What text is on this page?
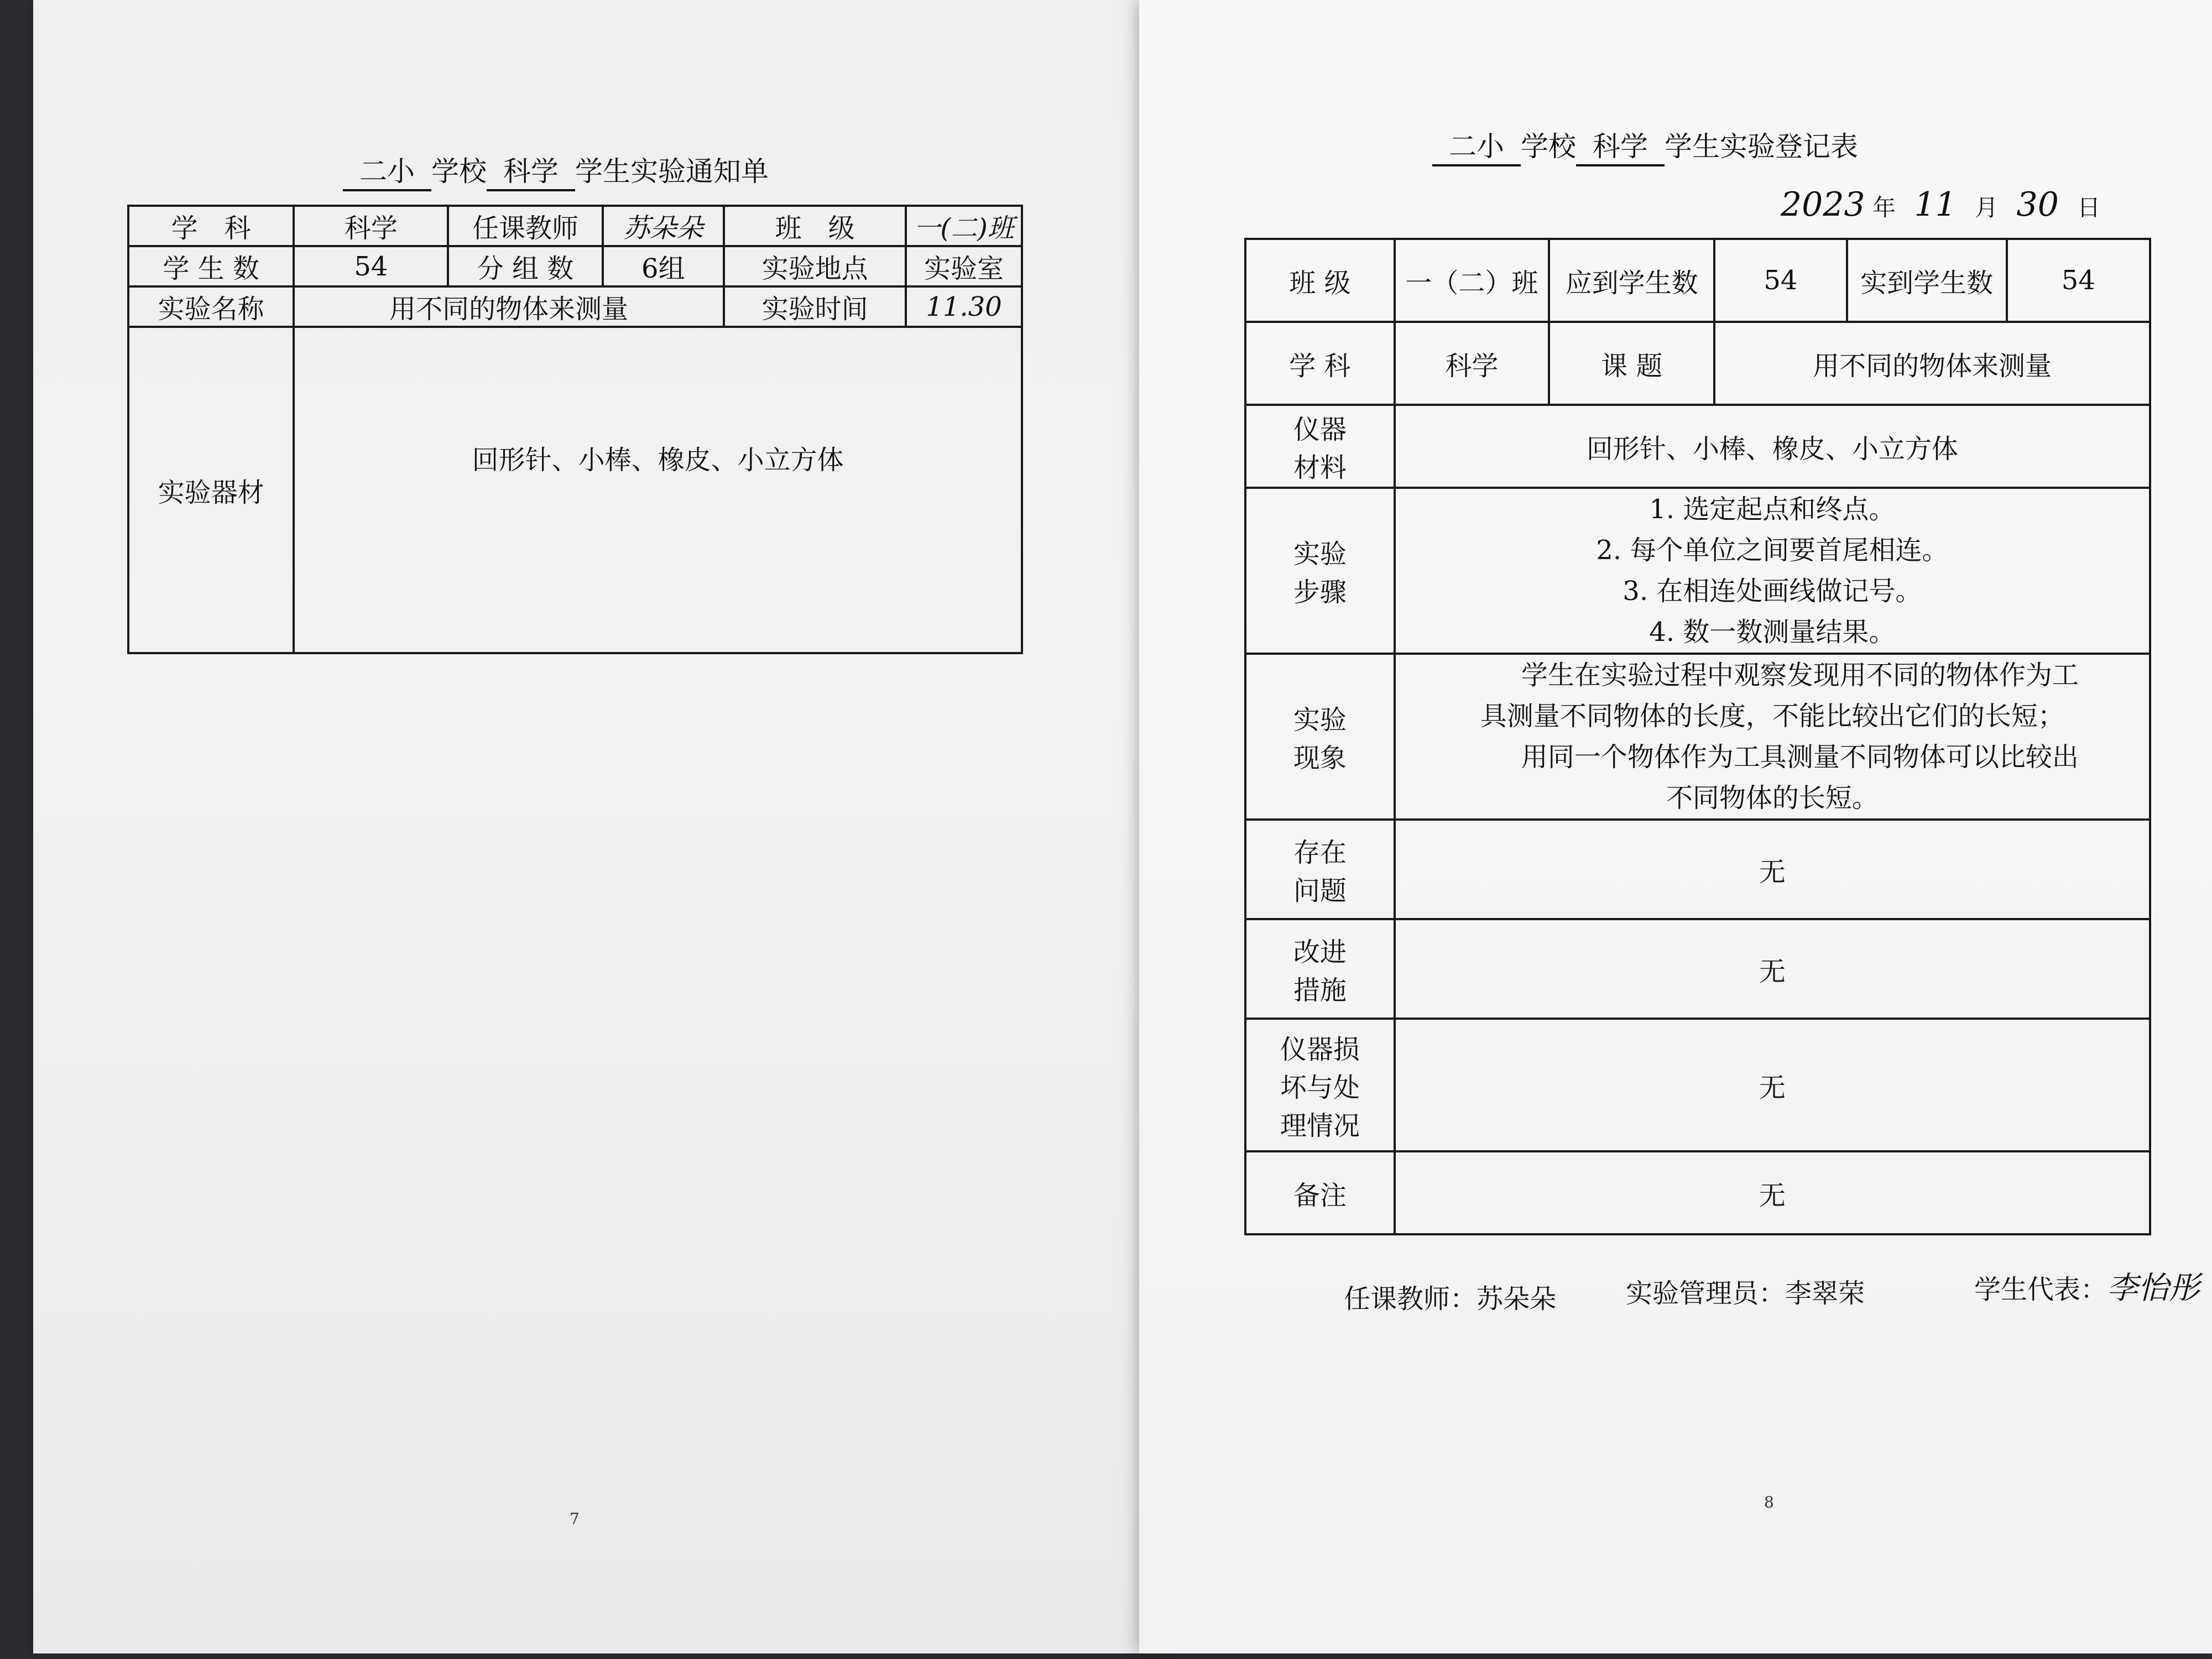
二小 学校 科学 学生实验通知单
学　科	科学	任课教师	苏朵朵	班　级	一(二)班
学 生 数	54	分 组 数	6组	实验地点	实验室
实验名称	用不同的物体来测量			实验时间	11.30
实验器材	回形针、小棒、橡皮、小立方体				
7
二小 学校 科学 学生实验登记表
2023 年 11 月 30 日
班 级	一（二）班	应到学生数	54	实到学生数	54
学 科	科学	课 题	用不同的物体来测量		
仪器材料	回形针、小棒、橡皮、小立方体				
实验步骤	1. 选定起点和终点。
2. 每个单位之间要首尾相连。
3. 在相连处画线做记号。
4. 数一数测量结果。				

实验现象	学生在实验过程中观察发现用不同的物体作为工
具测量不同物体的长度，不能比较出它们的长短；
用同一个物体作为工具测量不同物体可以比较出
不同物体的长短。				

存在问题	无				
改进措施	无				
仪器损坏与处理情况	无				
备注	无				
任课教师：苏朵朵	实验管理员：李翠荣	学生代表：李怡彤
8
